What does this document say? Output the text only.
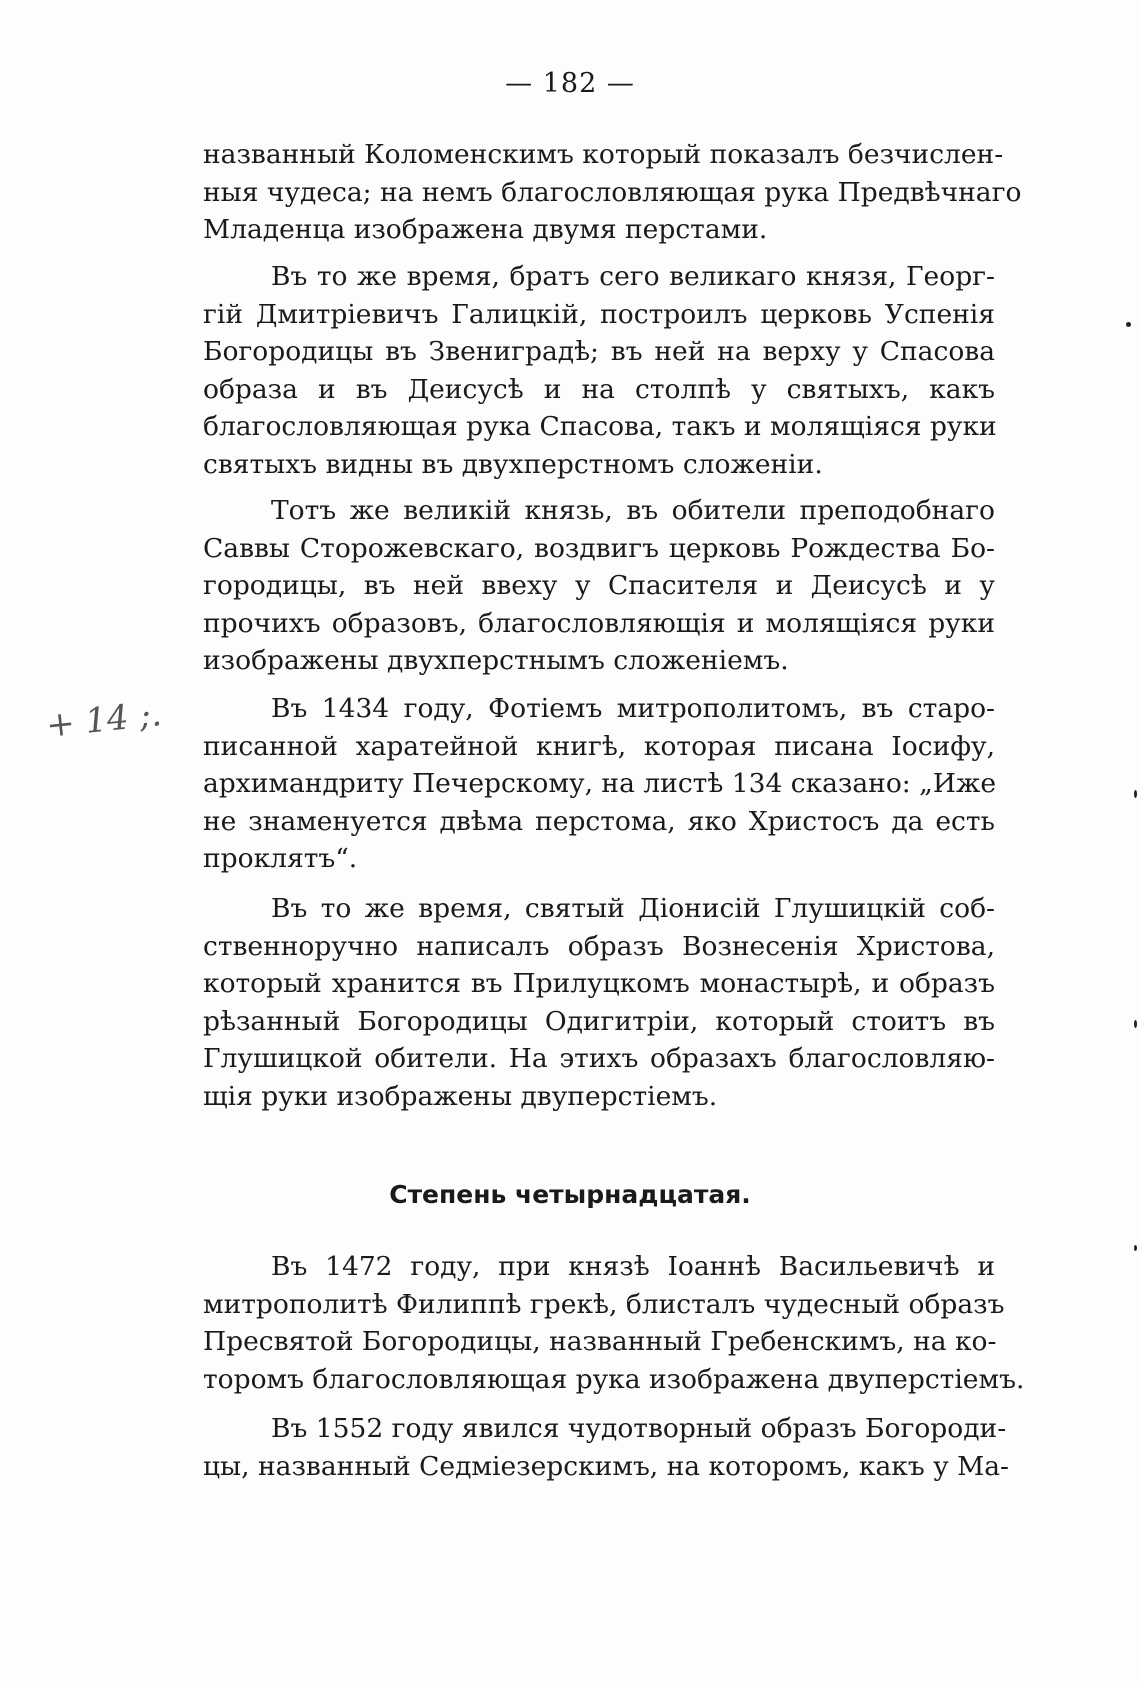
— 182 —
+ 14 ;.
названный Коломенскимъ который показалъ безчислен-
ныя чудеса; на немъ благословляющая рука Предвѣчнаго
Младенца изображена двумя перстами.
Въ то же время, братъ сего великаго князя, Георг-
гій Дмитріевичъ Галицкій, построилъ церковь Успенія
Богородицы въ Звениградѣ; въ ней на верху у Спасова
образа и въ Деисусѣ и на столпѣ у святыхъ, какъ
благословляющая рука Спасова, такъ и молящіяся руки
святыхъ видны въ двухперстномъ сложеніи.
Тотъ же великій князь, въ обители преподобнаго
Саввы Сторожевскаго, воздвигъ церковь Рождества Бо-
городицы, въ ней ввеху у Спасителя и Деисусѣ и у
прочихъ образовъ, благословляющія и молящіяся руки
изображены двухперстнымъ сложеніемъ.
Въ 1434 году, Фотіемъ митрополитомъ, въ старо-
писанной харатейной книгѣ, которая писана Іосифу,
архимандриту Печерскому, на листѣ 134 сказано: „Иже
не знаменуется двѣма перстома, яко Христосъ да есть
проклятъ“.
Въ то же время, святый Діонисій Глушицкій соб-
ственноручно написалъ образъ Вознесенія Христова,
который хранится въ Прилуцкомъ монастырѣ, и образъ
рѣзанный Богородицы Одигитріи, который стоитъ въ
Глушицкой обители. На этихъ образахъ благословляю-
щія руки изображены двуперстіемъ.
Степень четырнадцатая.
Въ 1472 году, при князѣ Іоаннѣ Васильевичѣ и
митрополитѣ Филиппѣ грекѣ, блисталъ чудесный образъ
Пресвятой Богородицы, названный Гребенскимъ, на ко-
торомъ благословляющая рука изображена двуперстіемъ.
Въ 1552 году явился чудотворный образъ Богороди-
цы, названный Седміезерскимъ, на которомъ, какъ у Ма-
